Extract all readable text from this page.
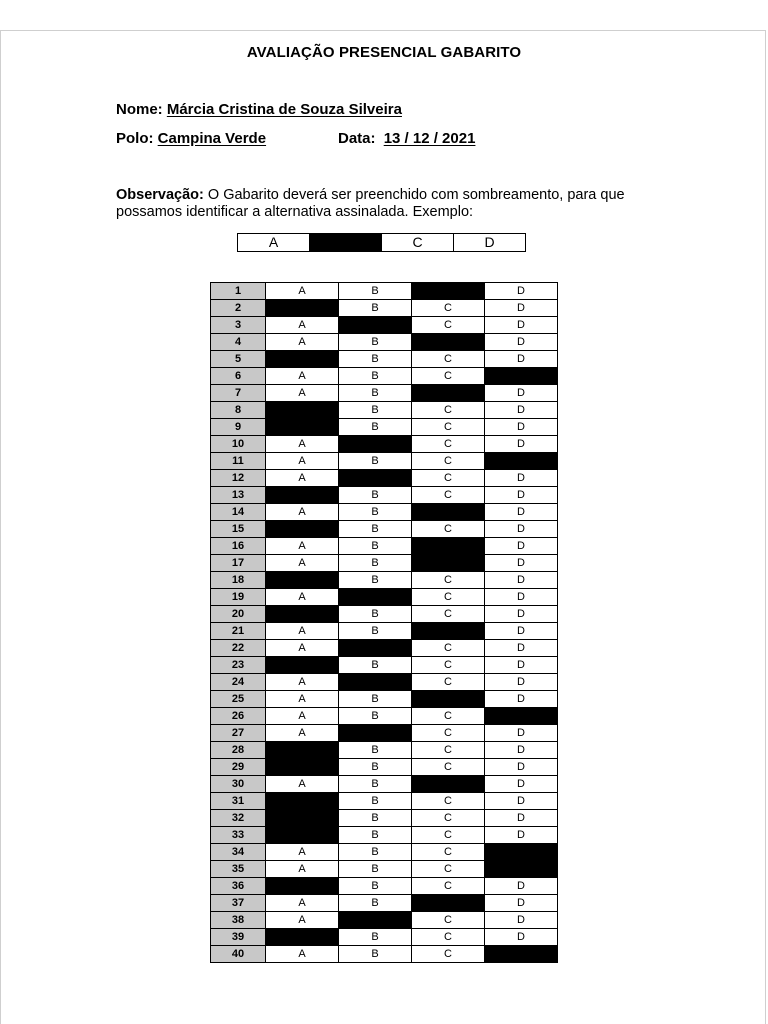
AVALIAÇÃO PRESENCIAL GABARITO
Nome: Márcia Cristina de Souza Silveira
Polo: Campina Verde	Data: 13 / 12 / 2021
Observação: O Gabarito deverá ser preenchido com sombreamento, para que possamos identificar a alternativa assinalada. Exemplo:
A		C	D
1	A	B		D
2		B	C	D
3	A		C	D
4	A	B		D
5		B	C	D
6	A	B	C	
7	A	B		D
8		B	C	D
9		B	C	D
10	A		C	D
11	A	B	C	
12	A		C	D
13		B	C	D
14	A	B		D
15		B	C	D
16	A	B		D
17	A	B		D
18		B	C	D
19	A		C	D
20		B	C	D
21	A	B		D
22	A		C	D
23		B	C	D
24	A		C	D
25	A	B		D
26	A	B	C	
27	A		C	D
28		B	C	D
29		B	C	D
30	A	B		D
31		B	C	D
32		B	C	D
33		B	C	D
34	A	B	C	
35	A	B	C	
36		B	C	D
37	A	B		D
38	A		C	D
39		B	C	D
40	A	B	C	
